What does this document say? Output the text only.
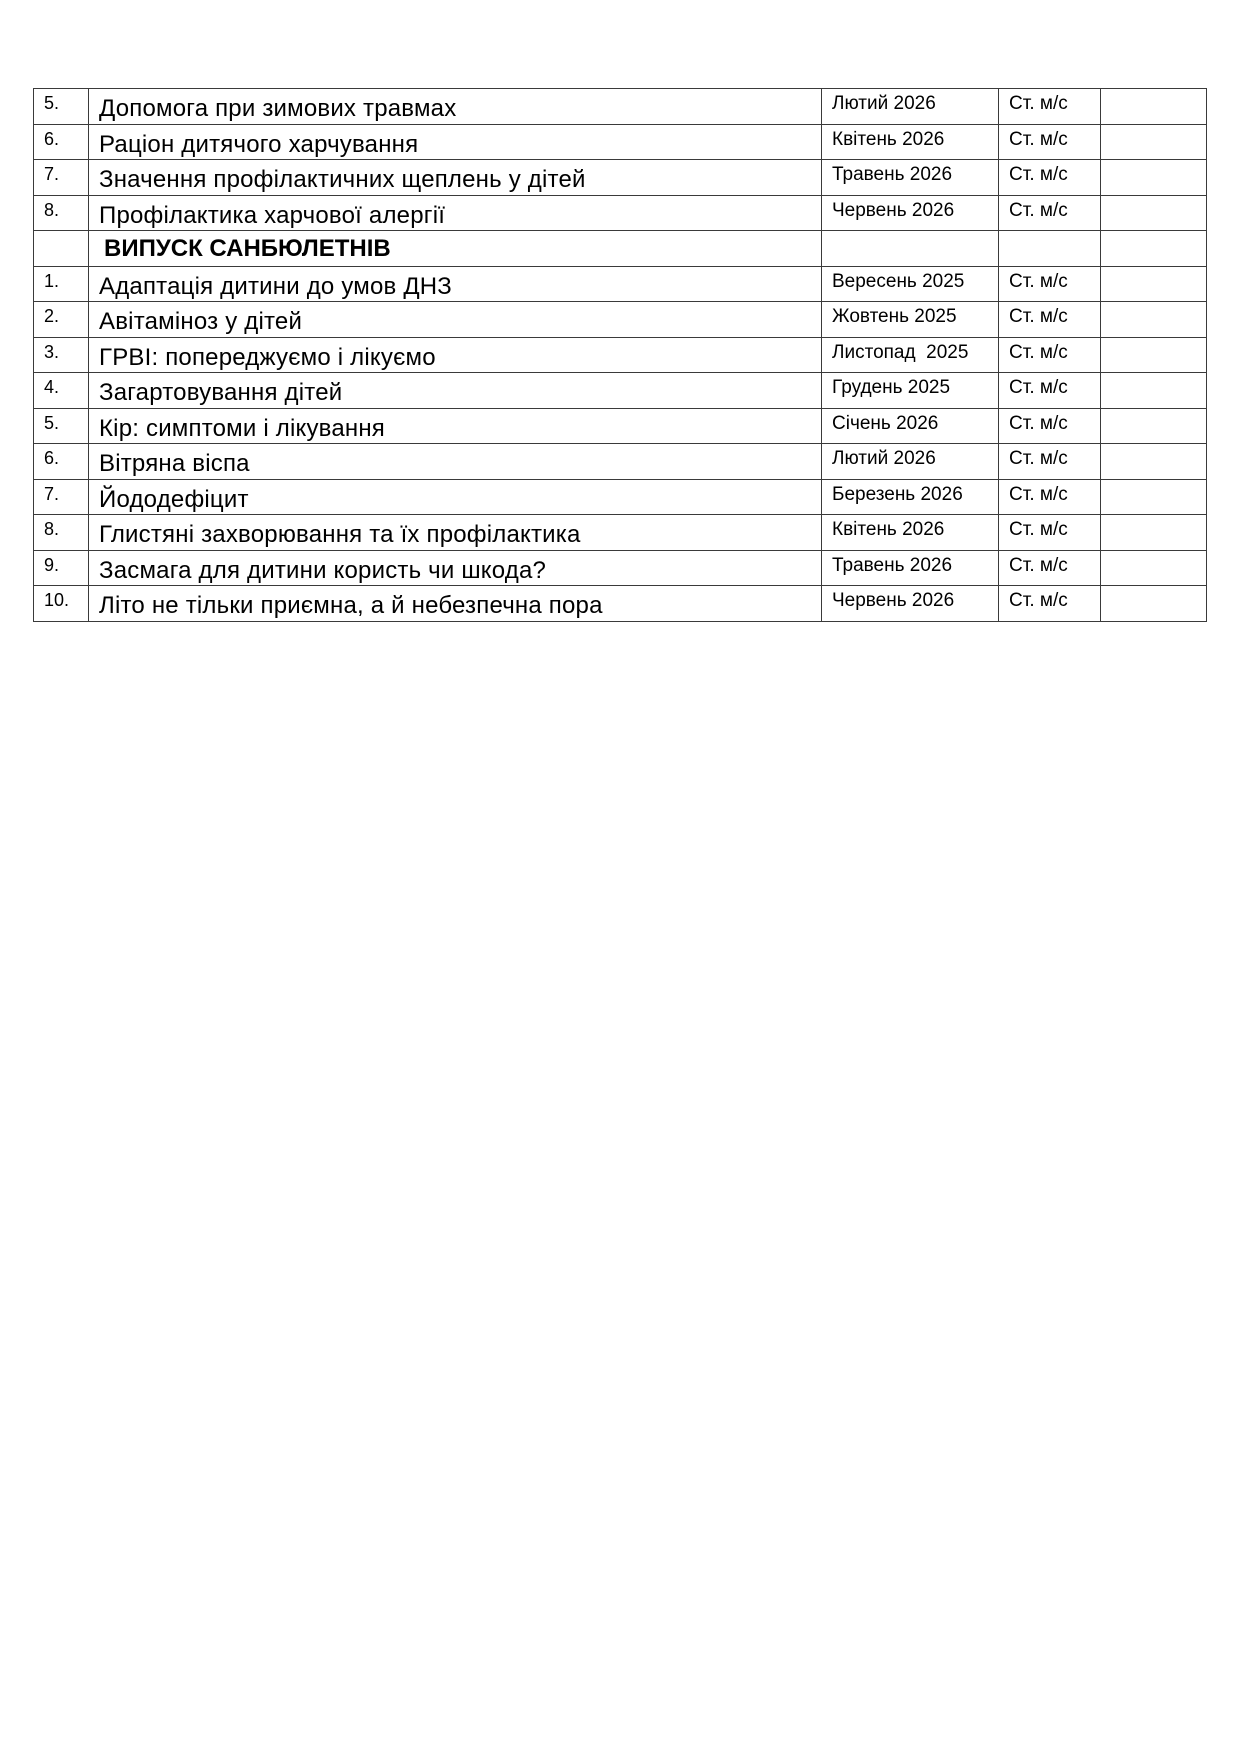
5.	Допомога при зимових травмах	Лютий 2026	Ст. м/с	
6.	Раціон дитячого харчування	Квітень 2026	Ст. м/с	
7.	Значення профілактичних щеплень у дітей	Травень 2026	Ст. м/с	
8.	Профілактика харчової алергії	Червень 2026	Ст. м/с	
	ВИПУСК САНБЮЛЕТНІВ			
1.	Адаптація дитини до умов ДНЗ	Вересень 2025	Ст. м/с	
2.	Авітаміноз у дітей	Жовтень 2025	Ст. м/с	
3.	ГРВІ: попереджуємо і лікуємо	Листопад  2025	Ст. м/с	
4.	Загартовування дітей	Грудень 2025	Ст. м/с	
5.	Кір: симптоми і лікування	Січень 2026	Ст. м/с	
6.	Вітряна віспа	Лютий 2026	Ст. м/с	
7.	Йододефіцит	Березень 2026	Ст. м/с	
8.	Глистяні захворювання та їх профілактика	Квітень 2026	Ст. м/с	
9.	Засмага для дитини користь чи шкода?	Травень 2026	Ст. м/с	
10.	Літо не тільки приємна, а й небезпечна пора	Червень 2026	Ст. м/с	
